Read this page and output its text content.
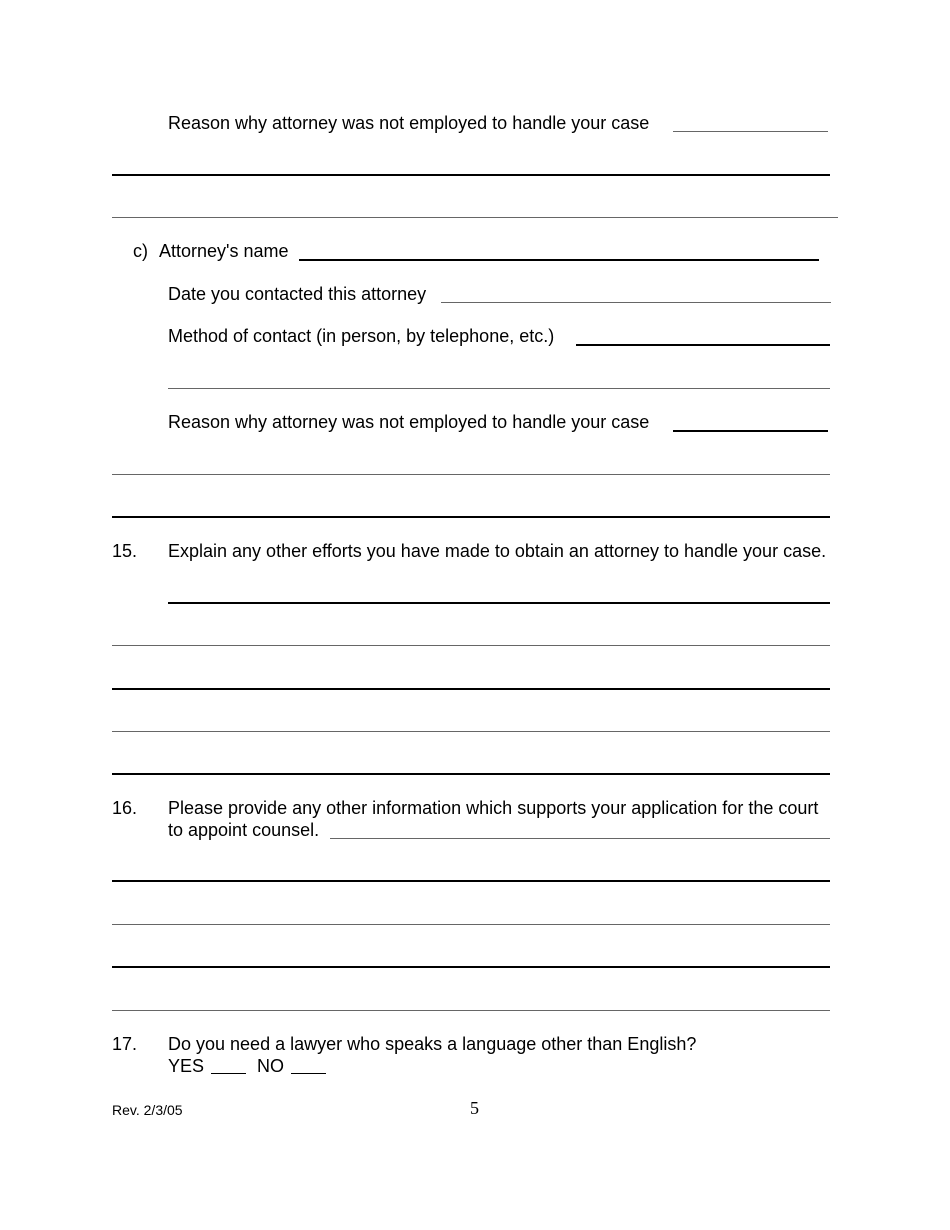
Reason why attorney was not employed to handle your case
c) Attorney's name
Date you contacted this attorney
Method of contact (in person, by telephone, etc.)
Reason why attorney was not employed to handle your case
15. Explain any other efforts you have made to obtain an attorney to handle your case.
16. Please provide any other information which supports your application for the court
to appoint counsel.
17. Do you need a lawyer who speaks a language other than English?
YES	NO
Rev. 2/3/05	5
